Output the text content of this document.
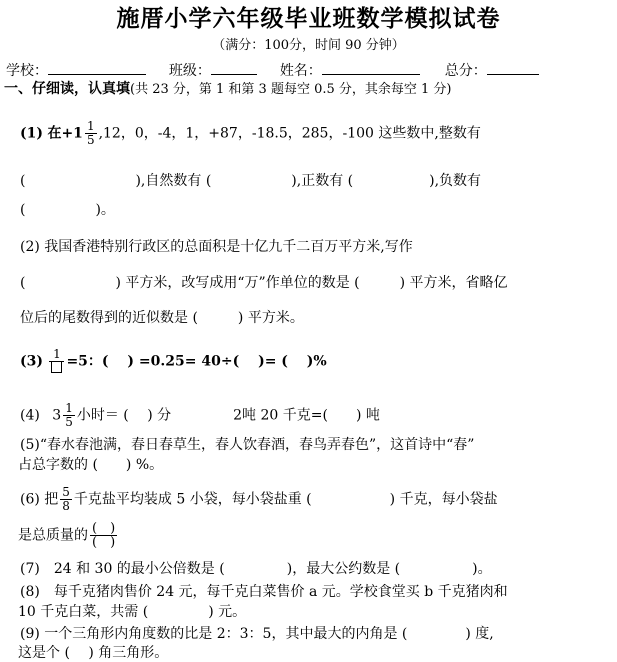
施厝小学六年级毕业班数学模拟试卷
（满分：100分，时间 90 分钟）
学校：	班级：	姓名：	总分：
一、仔细读，认真填(共 23 分，第 1 和第 3 题每空 0.5 分，其余每空 1 分)
(1) 在$+1 \frac{1}{5} ,12$，0，-4，1，+87，-18.5，285，-100 这些数中,整数有
(	),自然数有 (	),正数有 (	),负数有
(	)。
(2) 我国香港特别行政区的总面积是十亿九千二百万平方米,写作
(	) 平方米，改写成用“万”作单位的数是 (	) 平方米，省略亿
位后的尾数得到的近似数是 (	) 平方米。
(3) 1 =5：(　 ) =0.25= 40÷(　 )= (　 )%
(4) $3 \frac{1}{5}$ 小时＝ (　 ) 分	2吨 20 千克=(　　) 吨
(5)“春水春池满，春日春草生，春人饮春酒，春鸟弄春色”，这首诗中“春”
占总字数的 (　　) %。
(6) 把 $\frac{5}{8}$ 千克盐平均装成 5 小袋，每小袋盐重 (	) 千克，每小袋盐
是总质量的 $\frac{( )}{( )}$
(7)　24 和 30 的最小公倍数是 (	)，最大公约数是 (	)。
(8)　每千克猪肉售价 24 元，每千克白菜售价 a 元。学校食堂买 b 千克猪肉和
10 千克白菜，共需 (	) 元。
(9) 一个三角形内角度数的比是 2：3：5，其中最大的内角是 (	) 度,
这是个 (　 ) 角三角形。
